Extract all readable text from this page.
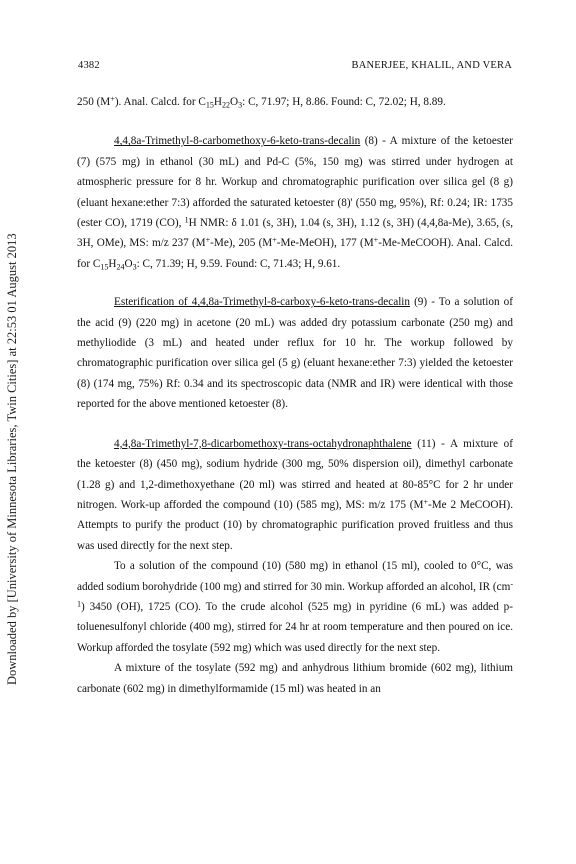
Downloaded by [University of Minnesota Libraries, Twin Cities] at 22:53 01 August 2013
4382	BANERJEE, KHALIL, AND VERA

250 (M+). Anal. Calcd. for $C_{15}H_{22}O_3$: C, 71.97; H, 8.86. Found: C, 72.02; H, 8.89.

4,4,8a-Trimethyl-8-carbomethoxy-6-keto-trans-decalin (8) - A mixture of the ketoester (7) (575 mg) in ethanol (30 mL) and Pd-C (5%, 150 mg) was stirred under hydrogen at atmospheric pressure for 8 hr. Workup and chromatographic purification over silica gel (8 g) (eluant hexane:ether 7:3) afforded the saturated ketoester (8)' (550 mg, 95%), Rf: 0.24; IR: 1735 (ester CO), 1719 (CO), $^1$H NMR: δ 1.01 (s, 3H), 1.04 (s, 3H), 1.12 (s, 3H) (4,4,8a-Me), 3.65, (s, 3H, OMe), MS: m/z 237 (M+-Me), 205 (M+-Me-MeOH), 177 (M+-Me-MeCOOH). Anal. Calcd. for $C_{15}H_{24}O_3$: C, 71.39; H, 9.59. Found: C, 71.43; H, 9.61.

Esterification of 4,4,8a-Trimethyl-8-carboxy-6-keto-trans-decalin (9) - To a solution of the acid (9) (220 mg) in acetone (20 mL) was added dry potassium carbonate (250 mg) and methyliodide (3 mL) and heated under reflux for 10 hr. The workup followed by chromatographic purification over silica gel (5 g) (eluant hexane:ether 7:3) yielded the ketoester (8) (174 mg, 75%) Rf: 0.34 and its spectroscopic data (NMR and IR) were identical with those reported for the above mentioned ketoester (8).

4,4,8a-Trimethyl-7,8-dicarbomethoxy-trans-octahydronaphthalene (11) - A mixture of the ketoester (8) (450 mg), sodium hydride (300 mg, 50% dispersion oil), dimethyl carbonate (1.28 g) and 1,2-dimethoxyethane (20 ml) was stirred and heated at 80-85°C for 2 hr under nitrogen. Work-up afforded the compound (10) (585 mg), MS: m/z 175 (M+-Me 2 MeCOOH). Attempts to purify the product (10) by chromatographic purification proved fruitless and thus was used directly for the next step.

To a solution of the compound (10) (580 mg) in ethanol (15 ml), cooled to 0°C, was added sodium borohydride (100 mg) and stirred for 30 min. Workup afforded an alcohol, IR $(cm^{-1})$ 3450 (OH), 1725 (CO). To the crude alcohol (525 mg) in pyridine (6 mL) was added p-toluenesulfonyl chloride (400 mg), stirred for 24 hr at room temperature and then poured on ice. Workup afforded the tosylate (592 mg) which was used directly for the next step.

A mixture of the tosylate (592 mg) and anhydrous lithium bromide (602 mg), lithium carbonate (602 mg) in dimethylformamide (15 ml) was heated in an
